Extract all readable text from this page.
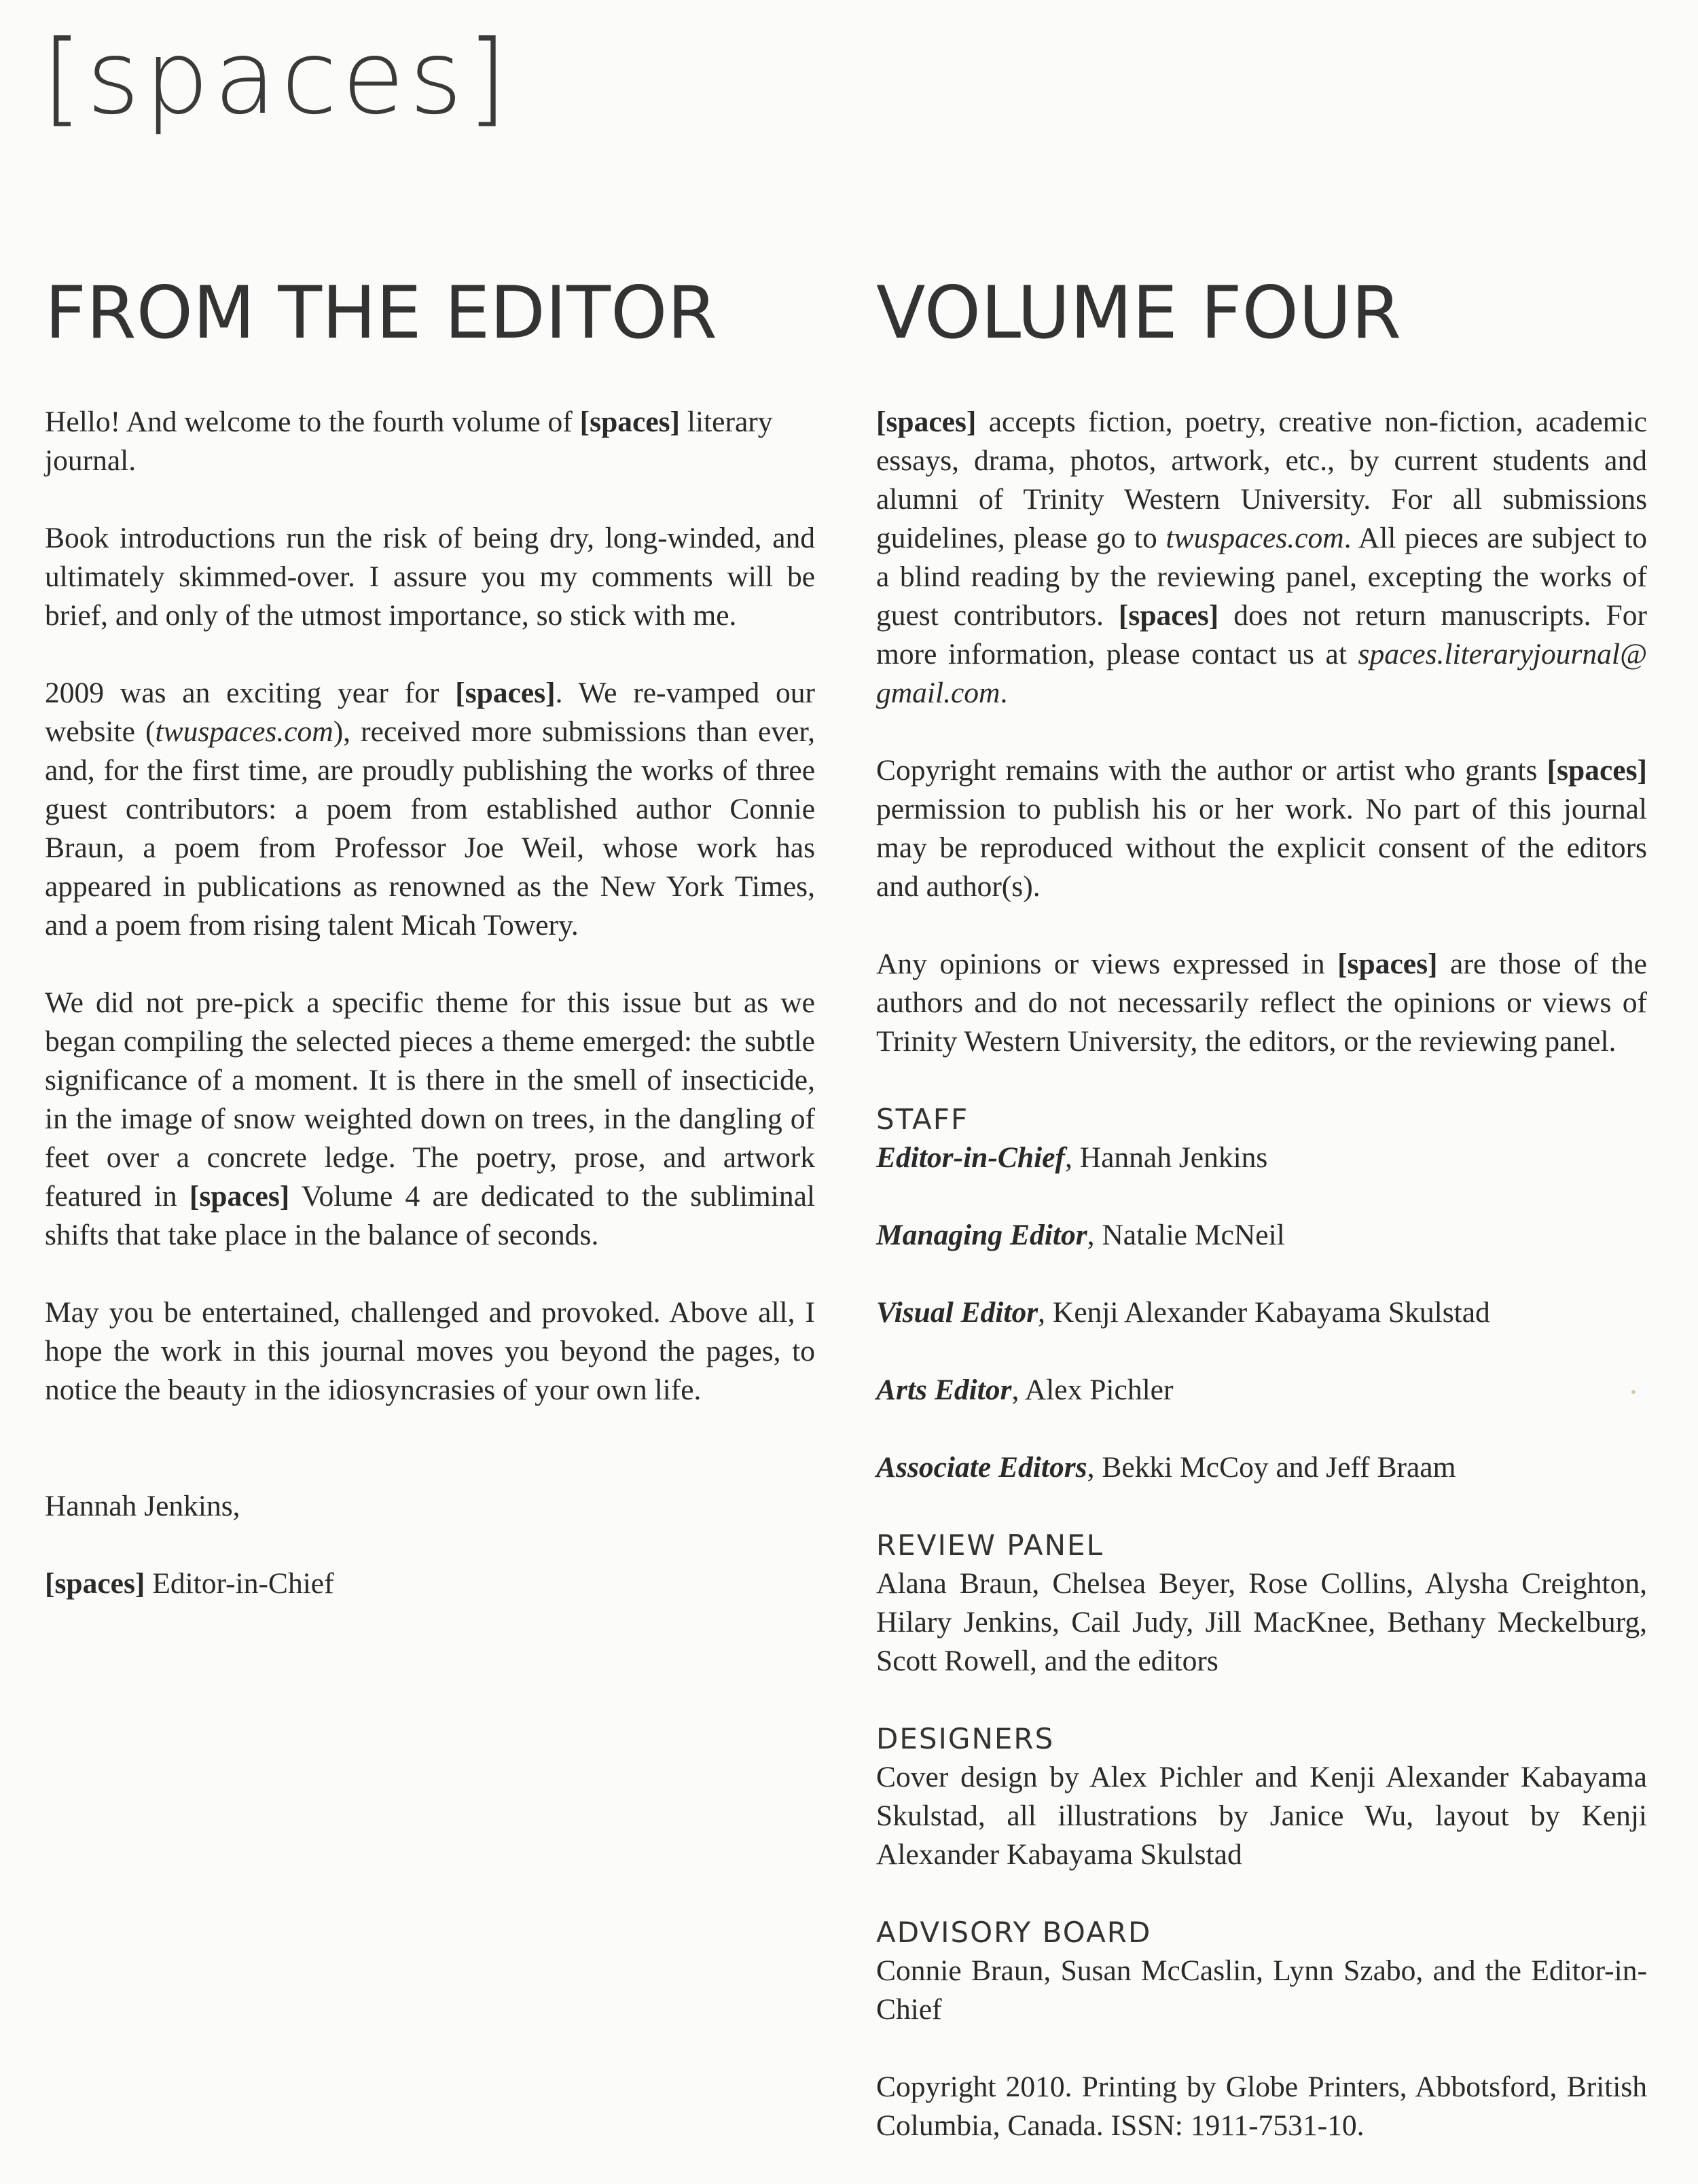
[spaces]
FROM THE EDITOR

Hello! And welcome to the fourth volume of [spaces] literary journal.

Book introductions run the risk of being dry, long-winded, and ultimately skimmed-over. I assure you my comments will be brief, and only of the utmost importance, so stick with me.

2009 was an exciting year for [spaces]. We re-vamped our website (twuspaces.com), received more submissions than ever, and, for the first time, are proudly publishing the works of three guest contributors: a poem from established author Connie Braun, a poem from Professor Joe Weil, whose work has appeared in publications as renowned as the New York Times, and a poem from rising talent Micah Towery.

We did not pre-pick a specific theme for this issue but as we began compiling the selected pieces a theme emerged: the subtle significance of a moment. It is there in the smell of insecticide, in the image of snow weighted down on trees, in the dangling of feet over a concrete ledge. The poetry, prose, and artwork featured in [spaces] Volume 4 are dedicated to the subliminal shifts that take place in the balance of seconds.

May you be entertained, challenged and provoked. Above all, I hope the work in this journal moves you beyond the pages, to notice the beauty in the idiosyncrasies of your own life.

Hannah Jenkins,

[spaces] Editor-in-Chief

VOLUME FOUR

[spaces] accepts fiction, poetry, creative non-fiction, academic essays, drama, photos, artwork, etc., by current students and alumni of Trinity Western University. For all submissions guidelines, please go to twuspaces.com. All pieces are subject to a blind reading by the reviewing panel, excepting the works of guest contributors. [spaces] does not return manuscripts. For more information, please contact us at spaces.literaryjournal@ gmail.com.

Copyright remains with the author or artist who grants [spaces] permission to publish his or her work. No part of this journal may be reproduced without the explicit consent of the editors and author(s).

Any opinions or views expressed in [spaces] are those of the authors and do not necessarily reflect the opinions or views of Trinity Western University, the editors, or the reviewing panel.

STAFF

Editor-in-Chief, Hannah Jenkins

Managing Editor, Natalie McNeil

Visual Editor, Kenji Alexander Kabayama Skulstad

Arts Editor, Alex Pichler

Associate Editors, Bekki McCoy and Jeff Braam

REVIEW PANEL

Alana Braun, Chelsea Beyer, Rose Collins, Alysha Creighton, Hilary Jenkins, Cail Judy, Jill MacKnee, Bethany Meckelburg, Scott Rowell, and the editors

DESIGNERS

Cover design by Alex Pichler and Kenji Alexander Kabayama Skulstad, all illustrations by Janice Wu, layout by Kenji Alexander Kabayama Skulstad

ADVISORY BOARD

Connie Braun, Susan McCaslin, Lynn Szabo, and the Editor-in-Chief

Copyright 2010. Printing by Globe Printers, Abbotsford, British Columbia, Canada. ISSN: 1911-7531-10.
